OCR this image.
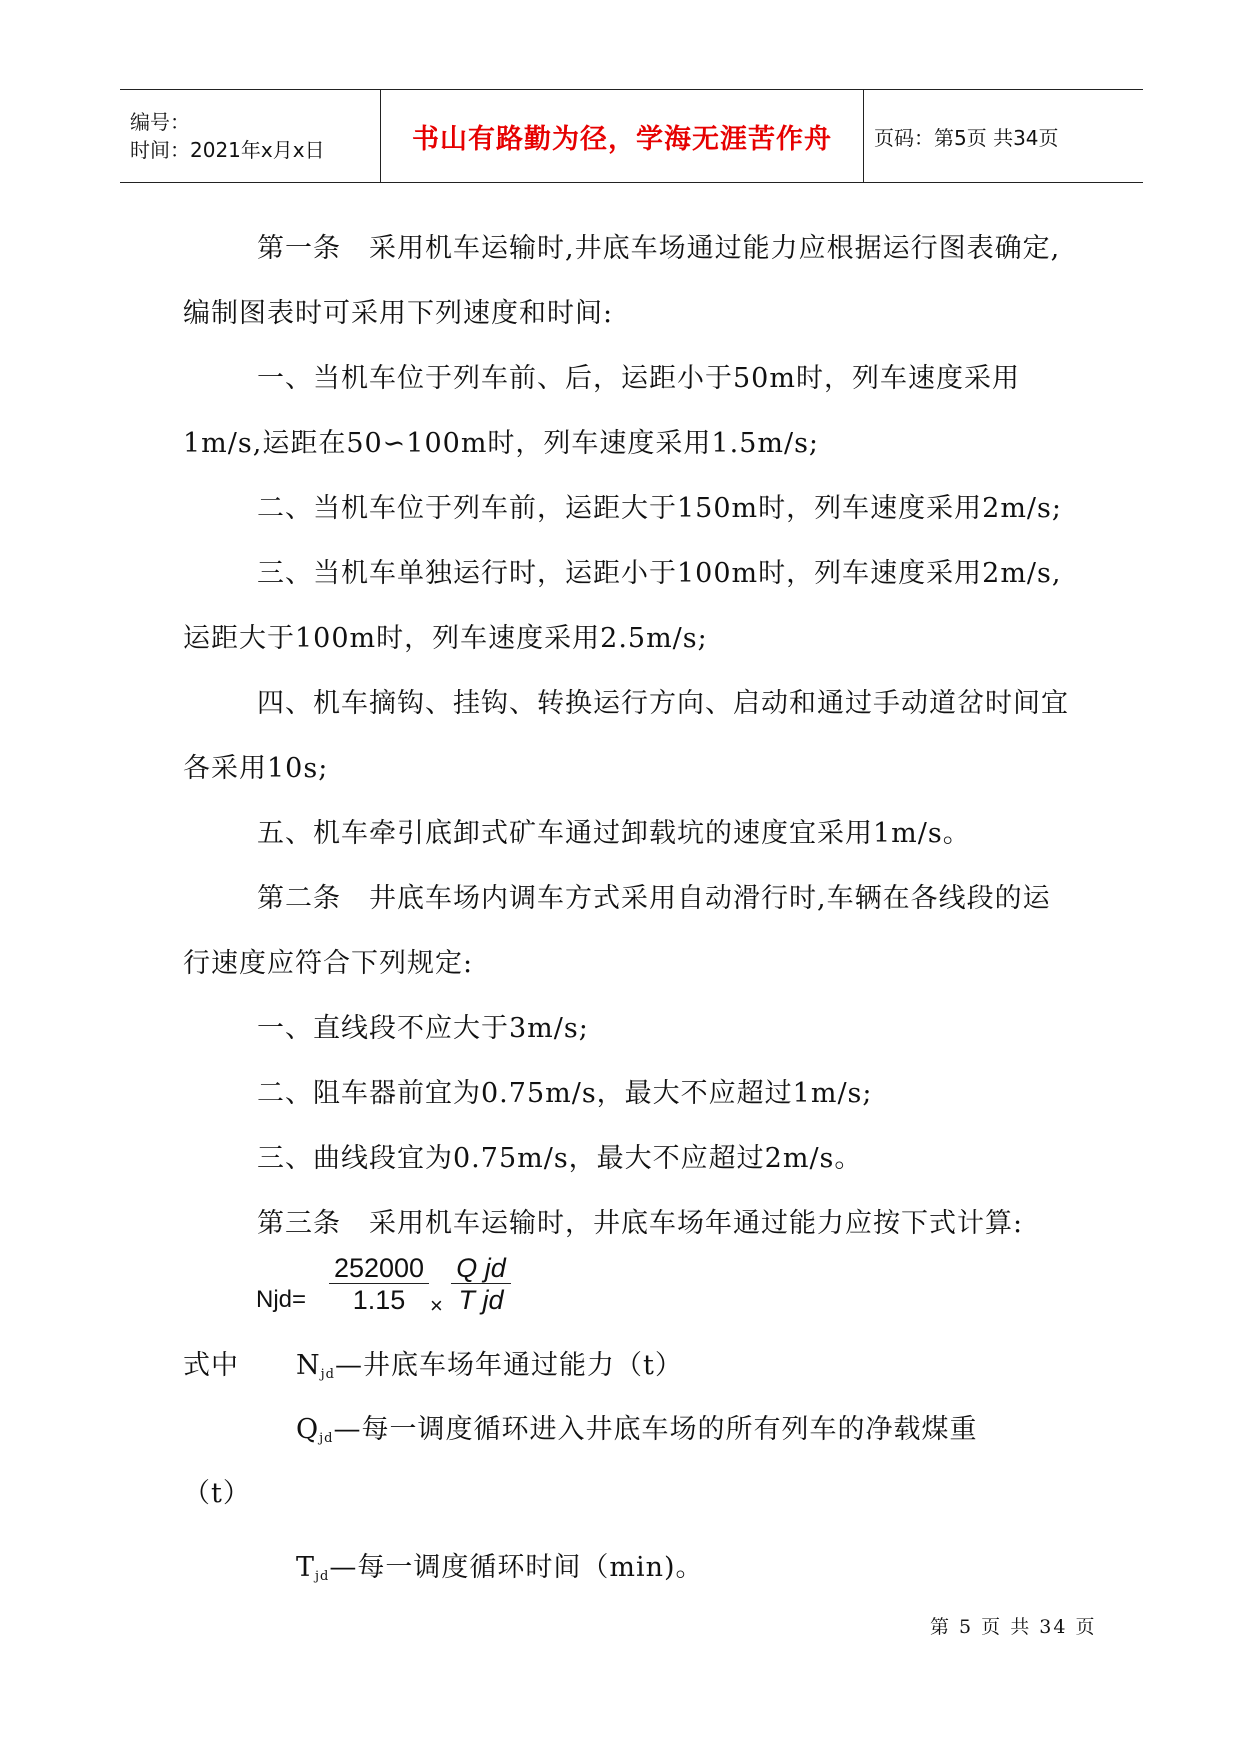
编号：
时间：2021年x月x日	书山有路勤为径，学海无涯苦作舟 页码：第5页 共34页

第一条　采用机车运输时,井底车场通过能力应根据运行图表确定,

编制图表时可采用下列速度和时间:

一、当机车位于列车前、后，运距小于50m时，列车速度采用

1m/s,运距在50∽100m时，列车速度采用1.5m/s;

二、当机车位于列车前，运距大于150m时，列车速度采用2m/s;

三、当机车单独运行时，运距小于100m时，列车速度采用2m/s,

运距大于100m时，列车速度采用2.5m/s;

四、机车摘钩、挂钩、转换运行方向、启动和通过手动道岔时间宜

各采用10s;

五、机车牵引底卸式矿车通过卸载坑的速度宜采用1m/s。

第二条　井底车场内调车方式采用自动滑行时,车辆在各线段的运

行速度应符合下列规定:

一、直线段不应大于3m/s;

二、阻车器前宜为0.75m/s，最大不应超过1m/s;

三、曲线段宜为0.75m/s，最大不应超过2m/s。

第三条　采用机车运输时，井底车场年通过能力应按下式计算:

$Njd= \frac{252000}{1.15} \times \frac{\text{Q jd}}{\text{T jd}}$
式中 $N_{jd}—$井底车场年通过能力（t）
$Q_{jd}—$每一调度循环进入井底车场的所有列车的净载煤重
（t）
$T_{jd}—$每一调度循环时间（min)。
第 5 页 共 34 页
